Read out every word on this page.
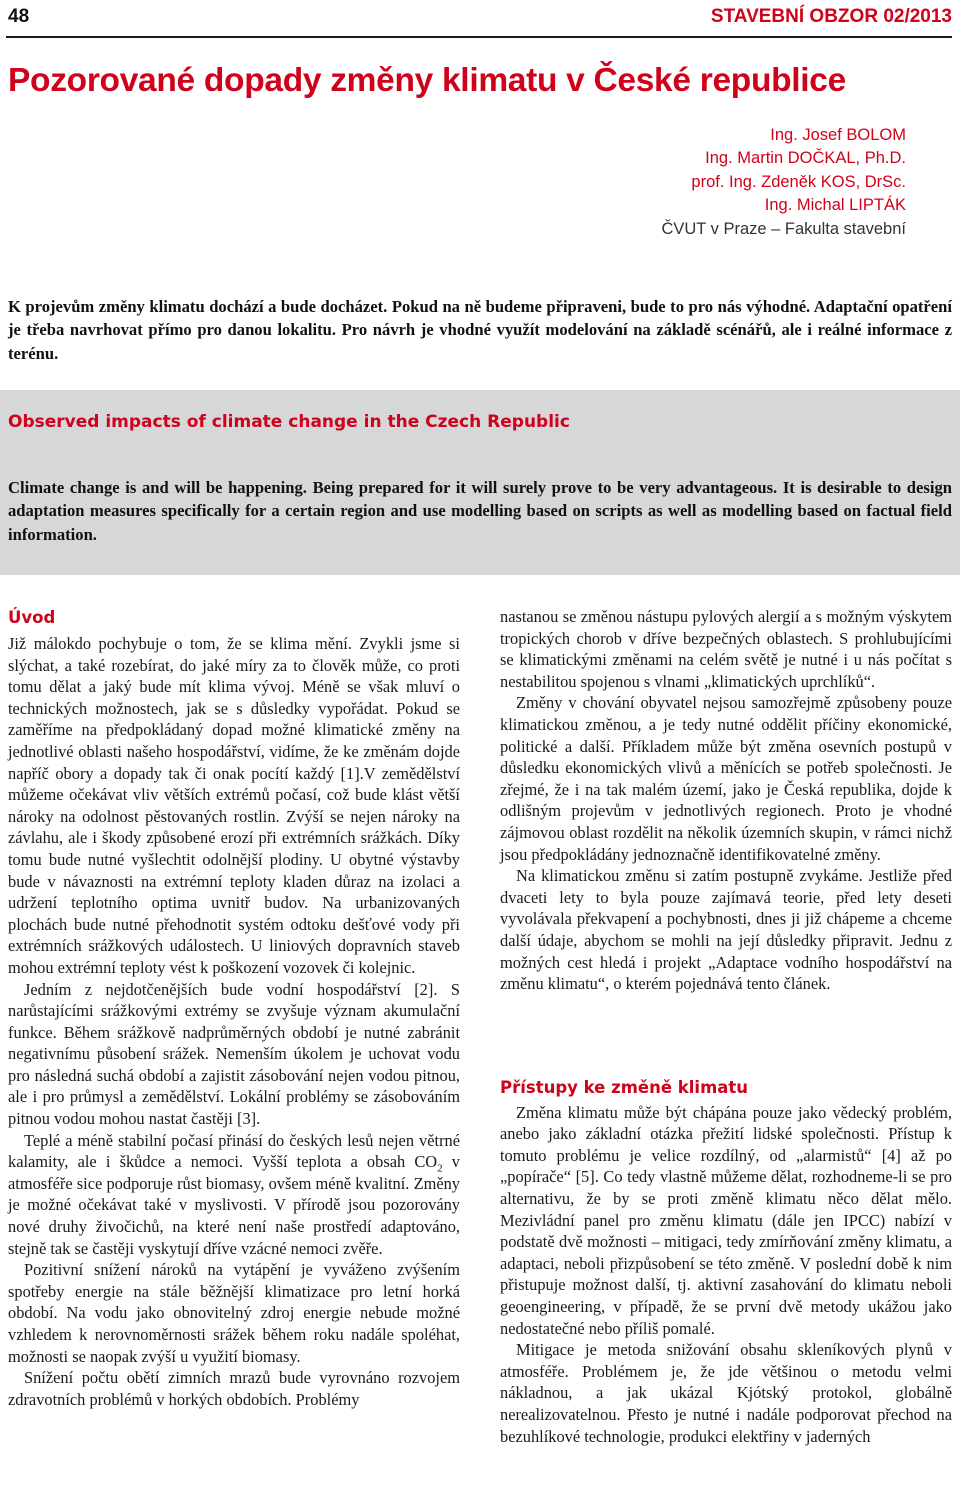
48	STAVEBNÍ OBZOR 02/2013
Pozorované dopady změny klimatu v České republice
Ing. Josef BOLOM
Ing. Martin DOČKAL, Ph.D.
prof. Ing. Zdeněk KOS, DrSc.
Ing. Michal LIPTÁK
ČVUT v Praze – Fakulta stavební

K projevům změny klimatu dochází a bude docházet. Pokud na ně budeme připraveni, bude to pro nás výhodné. Adaptační opatření je třeba navrhovat přímo pro danou lokalitu. Pro návrh je vhodné využít modelování na základě scénářů, ale i reálné informace z terénu.

Observed impacts of climate change in the Czech Republic

Climate change is and will be happening. Being prepared for it will surely prove to be very advantageous. It is desirable to design adaptation measures specifically for a certain region and use modelling based on scripts as well as modelling based on factual field information.

Úvod

Již málokdo pochybuje o tom, že se klima mění. Zvykli jsme si slýchat, a také rozebírat, do jaké míry za to člověk může, co proti tomu dělat a jaký bude mít klima vývoj. Méně se však mluví o technických možnostech, jak se s důsledky vypořádat. Pokud se zaměříme na předpokládaný dopad možné klimatické změny na jednotlivé oblasti našeho hospodářství, vidíme, že ke změnám dojde napříč obory a dopady tak či onak pocítí každý [1].V zemědělství můžeme očekávat vliv větších extrémů počasí, což bude klást větší nároky na odolnost pěstovaných rostlin. Zvýší se nejen nároky na závlahu, ale i škody způsobené erozí při extrémních srážkách. Díky tomu bude nutné vyšlechtit odolnější plodiny. U obytné výstavby bude v návaznosti na extrémní teploty kladen důraz na izolaci a udržení teplotního optima uvnitř budov. Na urbanizovaných plochách bude nutné přehodnotit systém odtoku dešťové vody při extrémních srážkových událostech. U liniových dopravních staveb mohou extrémní teploty vést k poškození vozovek či kolejnic.

Jedním z nejdotčenějších bude vodní hospodářství [2]. S narůstajícími srážkovými extrémy se zvyšuje význam akumulační funkce. Během srážkově nadprůměrných období je nutné zabránit negativnímu působení srážek. Nemenším úkolem je uchovat vodu pro následná suchá období a zajistit zásobování nejen vodou pitnou, ale i pro průmysl a zemědělství. Lokální problémy se zásobováním pitnou vodou mohou nastat častěji [3].

Teplé a méně stabilní počasí přinásí do českých lesů nejen větrné kalamity, ale i škůdce a nemoci. Vyšší teplota a obsah $CO_2$ v atmosféře sice podporuje růst biomasy, ovšem méně kvalitní. Změny je možné očekávat také v myslivosti. V přírodě jsou pozorovány nové druhy živočichů, na které není naše prostředí adaptováno, stejně tak se častěji vyskytují dříve vzácné nemoci zvěře.

Pozitivní snížení nároků na vytápění je vyváženo zvýšením spotřeby energie na stále běžnější klimatizace pro letní horká období. Na vodu jako obnovitelný zdroj energie nebude možné vzhledem k nerovnoměrnosti srážek během roku nadále spoléhat, možnosti se naopak zvýší u využití biomasy.

Snížení počtu obětí zimních mrazů bude vyrovnáno rozvojem zdravotních problémů v horkých obdobích. Problémy

nastanou se změnou nástupu pylových alergií a s možným výskytem tropických chorob v dříve bezpečných oblastech. S prohlubujícími se klimatickými změnami na celém světě je nutné i u nás počítat s nestabilitou spojenou s vlnami „klimatických uprchlíků“.

Změny v chování obyvatel nejsou samozřejmě způsobeny pouze klimatickou změnou, a je tedy nutné oddělit příčiny ekonomické, politické a další. Příkladem může být změna osevních postupů v důsledku ekonomických vlivů a měnících se potřeb společnosti. Je zřejmé, že i na tak malém území, jako je Česká republika, dojde k odlišným projevům v jednotlivých regionech. Proto je vhodné zájmovou oblast rozdělit na několik územních skupin, v rámci nichž jsou předpokládány jednoznačně identifikovatelné změny.

Na klimatickou změnu si zatím postupně zvykáme. Jestliže před dvaceti lety to byla pouze zajímavá teorie, před lety deseti vyvolávala překvapení a pochybnosti, dnes ji již chápeme a chceme další údaje, abychom se mohli na její důsledky připravit. Jednu z možných cest hledá i projekt „Adaptace vodního hospodářství na změnu klimatu“, o kterém pojednává tento článek.

Přístupy ke změně klimatu

Změna klimatu může být chápána pouze jako vědecký problém, anebo jako základní otázka přežití lidské společnosti. Přístup k tomuto problému je velice rozdílný, od „alarmistů“ [4] až po „popírače“ [5]. Co tedy vlastně můžeme dělat, rozhodneme-li se pro alternativu, že by se proti změně klimatu něco dělat mělo. Mezivládní panel pro změnu klimatu (dále jen IPCC) nabízí v podstatě dvě možnosti – mitigaci, tedy zmírňování změny klimatu, a adaptaci, neboli přizpůsobení se této změně. V poslední době k nim přistupuje možnost další, tj. aktivní zasahování do klimatu neboli geoengineering, v případě, že se první dvě metody ukážou jako nedostatečné nebo příliš pomalé.

Mitigace je metoda snižování obsahu skleníkových plynů v atmosféře. Problémem je, že jde většinou o metodu velmi nákladnou, a jak ukázal Kjótský protokol, globálně nerealizovatelnou. Přesto je nutné i nadále podporovat přechod na bezuhlíkové technologie, produkci elektřiny v jaderných
